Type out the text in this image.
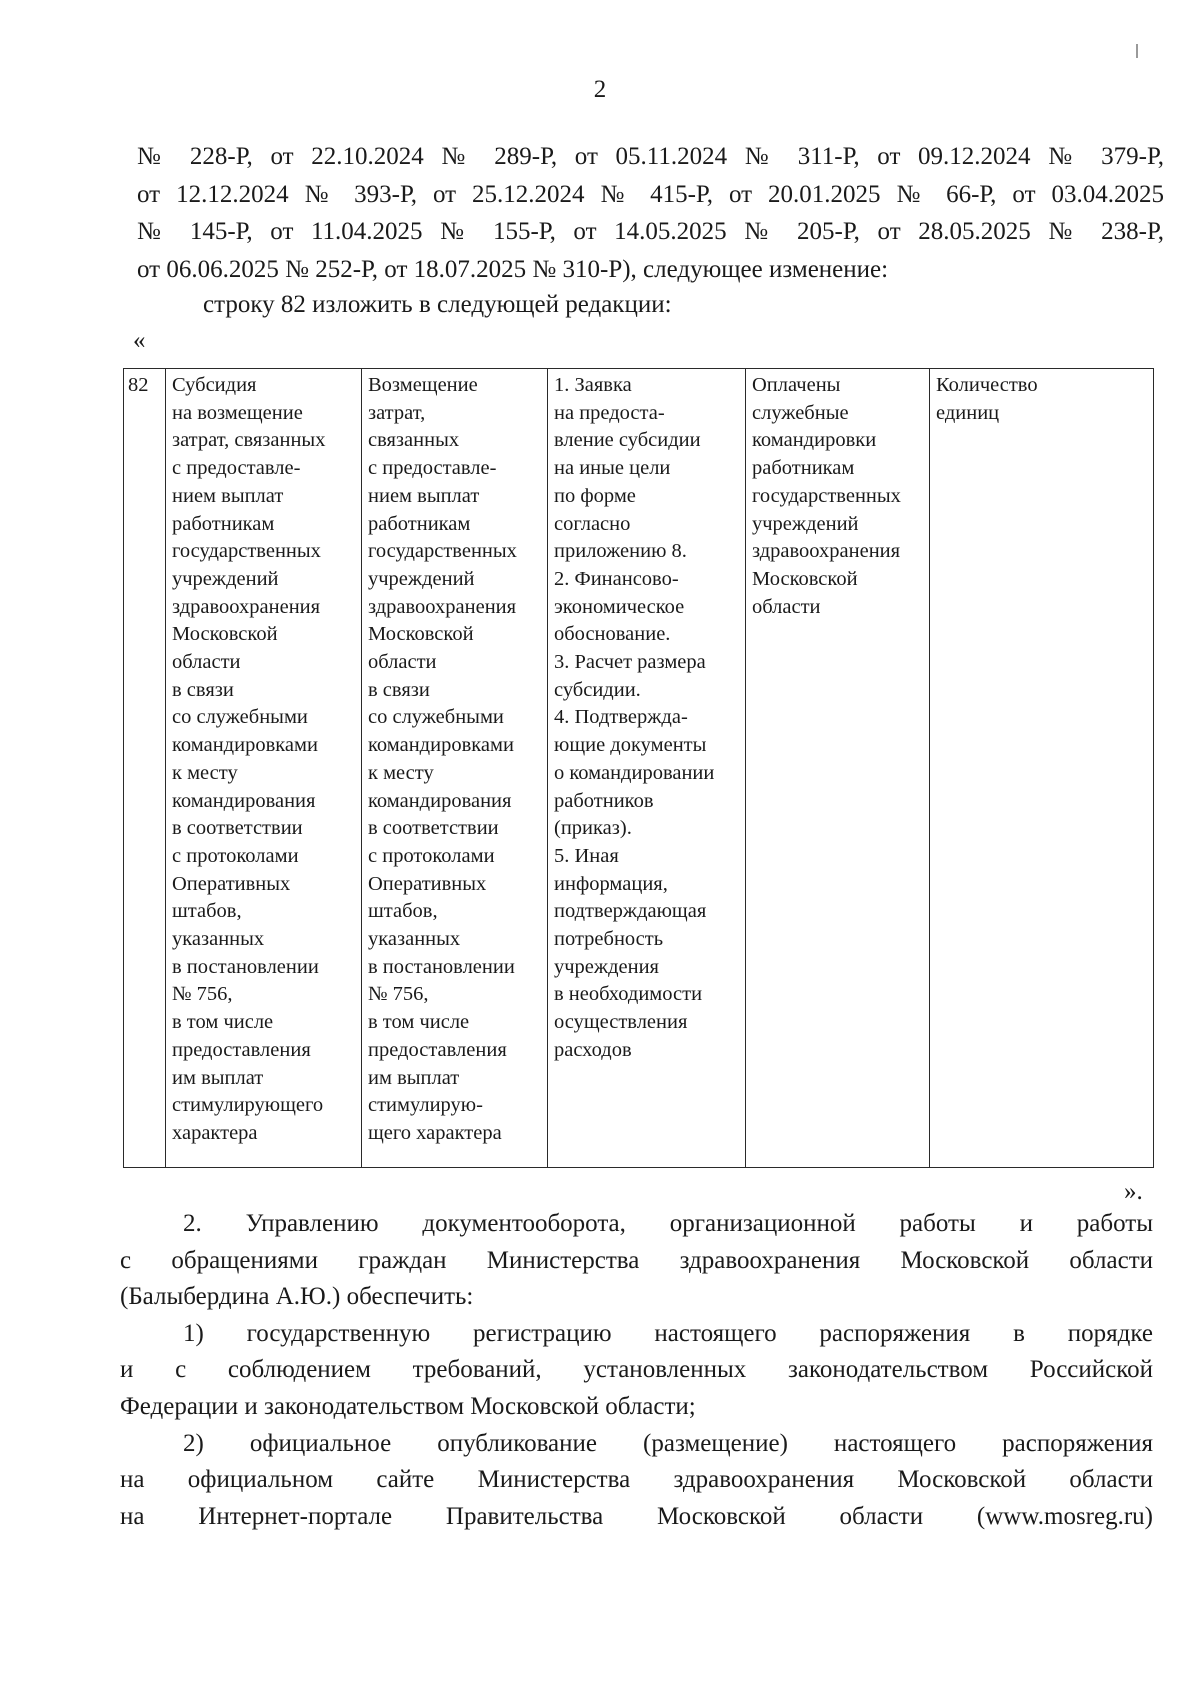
2
№ 228-Р, от 22.10.2024 № 289-Р, от 05.11.2024 № 311-Р, от 09.12.2024 № 379-Р,
от 12.12.2024 № 393-Р, от 25.12.2024 № 415-Р, от 20.01.2025 № 66-Р, от 03.04.2025
№ 145-Р, от 11.04.2025 № 155-Р, от 14.05.2025 № 205-Р, от 28.05.2025 № 238-Р,
от 06.06.2025 № 252-Р, от 18.07.2025 № 310-Р), следующее изменение:
строку 82 изложить в следующей редакции:
«
82	Субсидия
на возмещение
затрат, связанных
с предоставле-
нием выплат
работникам
государственных
учреждений
здравоохранения
Московской
области
в связи
со служебными
командировками
к месту
командирования
в соответствии
с протоколами
Оперативных
штабов,
указанных
в постановлении
№ 756,
в том числе
предоставления
им выплат
стимулирующего
характера	Возмещение
затрат,
связанных
с предоставле-
нием выплат
работникам
государственных
учреждений
здравоохранения
Московской
области
в связи
со служебными
командировками
к месту
командирования
в соответствии
с протоколами
Оперативных
штабов,
указанных
в постановлении
№ 756,
в том числе
предоставления
им выплат
стимулирую-
щего характера	1. Заявка
на предоста-
вление субсидии
на иные цели
по форме
согласно
приложению 8.
2. Финансово-
экономическое
обоснование.
3. Расчет размера
субсидии.
4. Подтвержда-
ющие документы
о командировании
работников
(приказ).
5. Иная
информация,
подтверждающая
потребность
учреждения
в необходимости
осуществления
расходов	Оплачены
служебные
командировки
работникам
государственных
учреждений
здравоохранения
Московской
области	Количество
единиц
».
2. Управлению документооборота, организационной работы и работы
с обращениями граждан Министерства здравоохранения Московской области
(Балыбердина А.Ю.) обеспечить:
1) государственную регистрацию настоящего распоряжения в порядке
и с соблюдением требований, установленных законодательством Российской
Федерации и законодательством Московской области;
2) официальное опубликование (размещение) настоящего распоряжения
на официальном сайте Министерства здравоохранения Московской области
на Интернет-портале Правительства Московской области (www.mosreg.ru)
